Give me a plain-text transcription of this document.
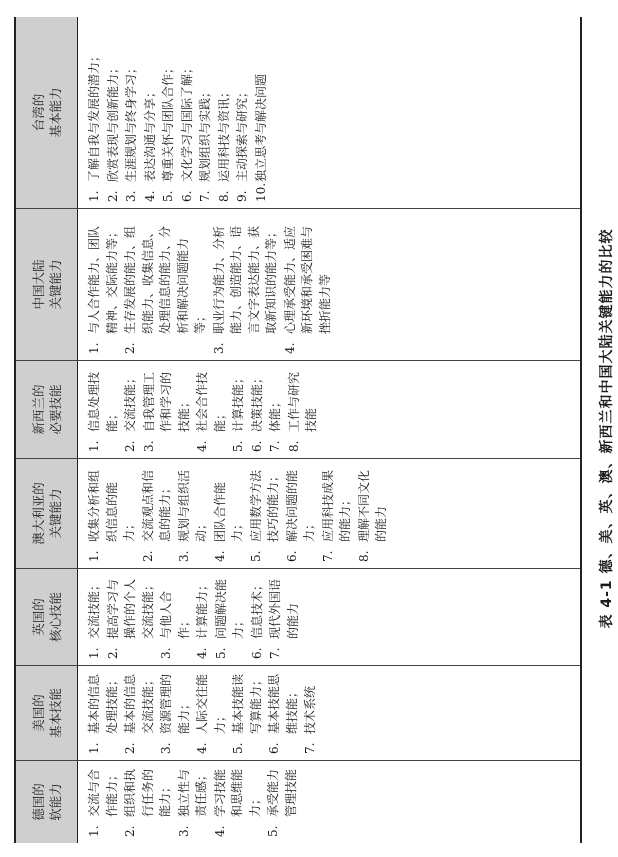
表 4-1 德、美、英、澳、新西兰和中国大陆关键能力的比较
德国的 软能力
1.
交流与合作能力；
2.
组织和执行任务的能力；
3.
独立性与责任感；
4.
学习技能和思维能力；
5.
承受能力管理技能
美国的 基本技能
1.
基本的信息处理技能；
2.
基本的信息交流技能；
3.
资源管理的能力；
4.
人际交往能力；
5.
基本技能读写算能力；
6.
基本技能思维技能；
7.
技术系统
英国的 核心技能
1.
交流技能；
2.
提高学习与操作的个人交流技能；
3.
与他人合作；
4.
计算能力；
5.
问题解决能力；
6.
信息技术；
7.
现代外国语的能力
澳大利亚的 关键能力
1.
收集分析和组织信息的能力；
2.
交流观点和信息的能力；
3.
规划与组织活动；
4.
团队合作能力；
5.
应用数学方法技巧的能力；
6.
解决问题的能力；
7.
应用科技成果的能力；
8.
理解不同文化的能力
新西兰的 必要技能
1.
信息处理技能；
2.
交流技能；
3.
自我管理工作和学习的技能；
4.
社会合作技能；
5.
计算技能；
6.
决策技能；
7.
体能；
8.
工作与研究技能
中国大陆 关键能力
1.
与人合作能力、团队精神、交际能力等；
2.
生存发展的能力、组织能力、收集信息、处理信息的能力、分析和解决问题能力等；
3.
职业行为能力、分析能力、创造能力、语言文字表达能力、获取新知识的能力等；
4.
心理承受能力、适应新环境和承受困难与挫折能力等
台湾的 基本能力
1.
了解自我与发展的潜力；
2.
欣赏表现与创新能力；
3.
生涯规划与终身学习；
4.
表达沟通与分享；
5.
尊重关怀与团队合作；
6.
文化学习与国际了解；
7.
规划组织与实践；
8.
运用科技与资讯；
9.
主动探索与研究；
10.
独立思考与解决问题
